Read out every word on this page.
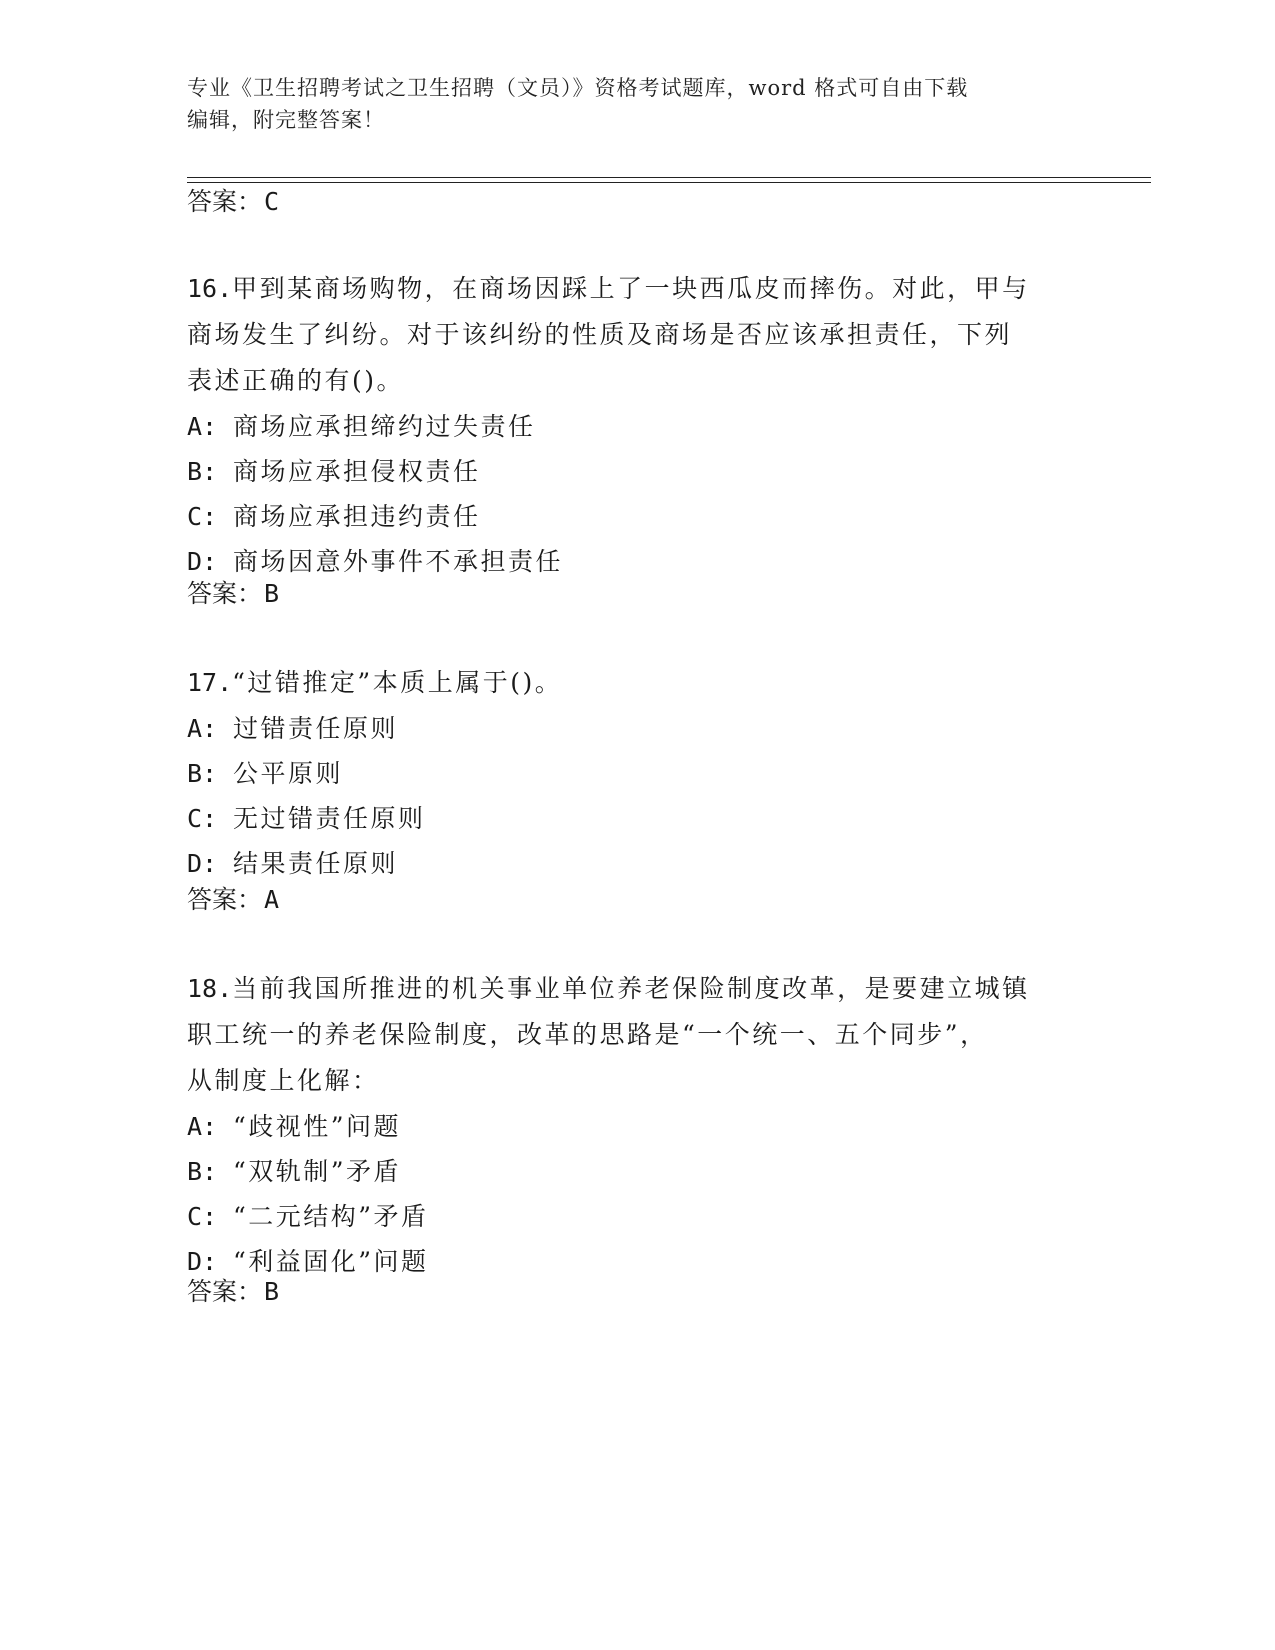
专业《卫生招聘考试之卫生招聘（文员）》资格考试题库，word 格式可自由下载
编辑，附完整答案！
答案：C

16.甲到某商场购物，在商场因踩上了一块西瓜皮而摔伤。对此，甲与

商场发生了纠纷。对于该纠纷的性质及商场是否应该承担责任，下列

表述正确的有()。

A: 商场应承担缔约过失责任

B: 商场应承担侵权责任

C: 商场应承担违约责任

D: 商场因意外事件不承担责任

答案：B

17.“过错推定”本质上属于()。

A: 过错责任原则

B: 公平原则

C: 无过错责任原则

D: 结果责任原则

答案：A

18.当前我国所推进的机关事业单位养老保险制度改革，是要建立城镇

职工统一的养老保险制度，改革的思路是“一个统一、五个同步”，

从制度上化解：

A: “歧视性”问题

B: “双轨制”矛盾

C: “二元结构”矛盾

D: “利益固化”问题

答案：B
